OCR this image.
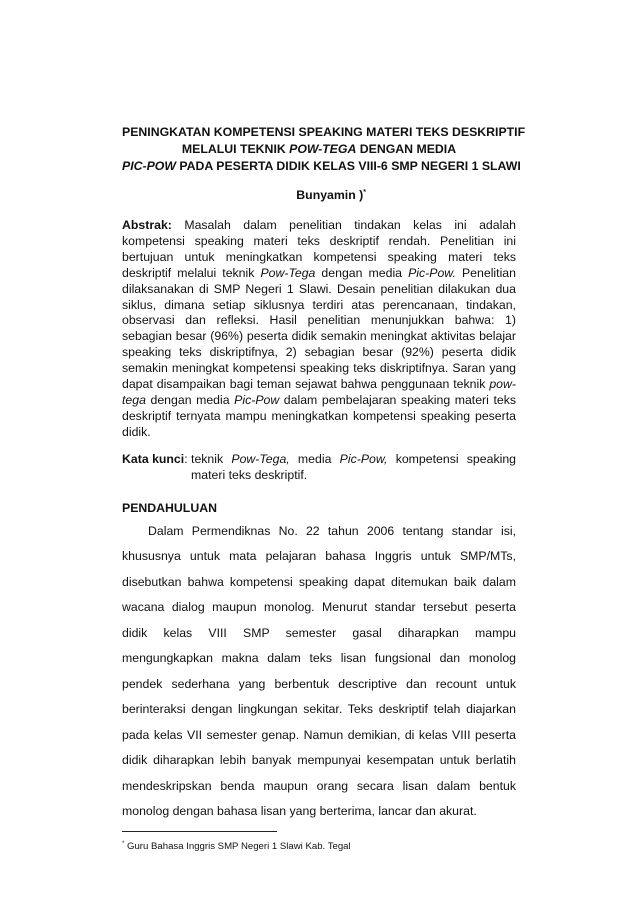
PENINGKATAN KOMPETENSI SPEAKING MATERI TEKS DESKRIPTIF
MELALUI TEKNIK POW-TEGA DENGAN MEDIA
PIC-POW PADA PESERTA DIDIK KELAS VIII-6 SMP NEGERI 1 SLAWI
Bunyamin )*
Abstrak: Masalah dalam penelitian tindakan kelas ini adalah kompetensi speaking materi teks deskriptif rendah. Penelitian ini bertujuan untuk meningkatkan kompetensi speaking materi teks deskriptif melalui teknik Pow-Tega dengan media Pic-Pow. Penelitian dilaksanakan di SMP Negeri 1 Slawi. Desain penelitian dilakukan dua siklus, dimana setiap siklusnya terdiri atas perencanaan, tindakan, observasi dan refleksi. Hasil penelitian menunjukkan bahwa: 1) sebagian besar (96%) peserta didik semakin meningkat aktivitas belajar speaking teks diskriptifnya, 2) sebagian besar (92%) peserta didik semakin meningkat kompetensi speaking teks diskriptifnya. Saran yang dapat disampaikan bagi teman sejawat bahwa penggunaan teknik pow-tega dengan media Pic-Pow dalam pembelajaran speaking materi teks deskriptif ternyata mampu meningkatkan kompetensi speaking peserta didik.
Kata kunci: teknik Pow-Tega, media Pic-Pow, kompetensi speaking materi teks deskriptif.
PENDAHULUAN

Dalam Permendiknas No. 22 tahun 2006 tentang standar isi, khususnya untuk mata pelajaran bahasa Inggris untuk SMP/MTs, disebutkan bahwa kompetensi speaking dapat ditemukan baik dalam wacana dialog maupun monolog. Menurut standar tersebut peserta didik kelas VIII SMP semester gasal diharapkan mampu mengungkapkan makna dalam teks lisan fungsional dan monolog pendek sederhana yang berbentuk descriptive dan recount untuk berinteraksi dengan lingkungan sekitar. Teks deskriptif telah diajarkan pada kelas VII semester genap. Namun demikian, di kelas VIII peserta didik diharapkan lebih banyak mempunyai kesempatan untuk berlatih mendeskripskan benda maupun orang secara lisan dalam bentuk monolog dengan bahasa lisan yang berterima, lancar dan akurat.

* Guru Bahasa Inggris SMP Negeri 1 Slawi Kab. Tegal
